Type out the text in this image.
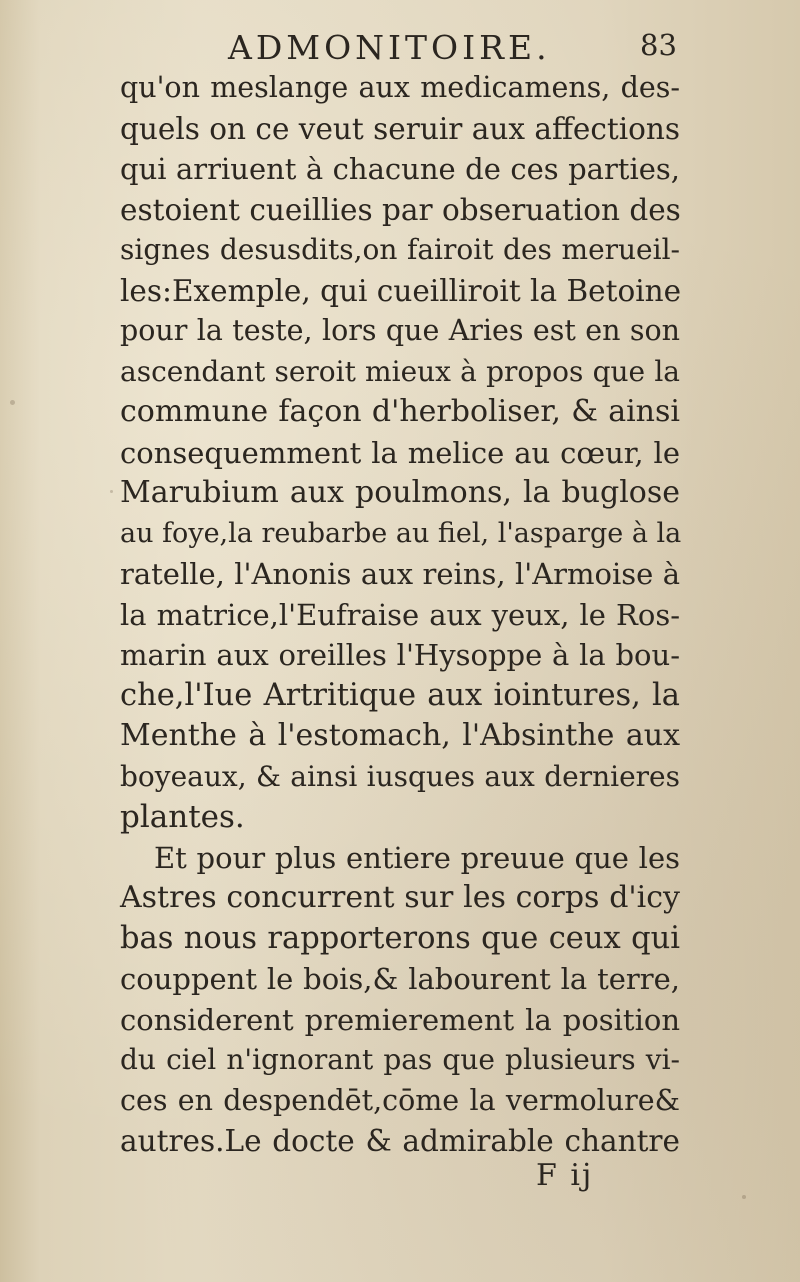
ADMONITOIRE.	83
qu'on meslange aux medicamens, des-
quels on ce veut seruir aux affections
qui arriuent à chacune de ces parties,
estoient cueillies par obseruation des
signes desusdits,on fairoit des merueil-
les:Exemple, qui cueilliroit la Betoine
pour la teste, lors que Aries est en son
ascendant seroit mieux à propos que la
commune façon d'herboliser, & ainsi
consequemment la melice au cœur, le
Marubium aux poulmons, la buglose
au foye,la reubarbe au fiel, l'asparge à la
ratelle, l'Anonis aux reins, l'Armoise à
la matrice,l'Eufraise aux yeux, le Ros-
marin aux oreilles l'Hysoppe à la bou-
che,l'Iue Artritique aux iointures, la
Menthe à l'estomach, l'Absinthe aux
boyeaux, & ainsi iusques aux dernieres
plantes.
Et pour plus entiere preuue que les
Astres concurrent sur les corps d'icy
bas nous rapporterons que ceux qui
couppent le bois,& labourent la terre,
considerent premierement la position
du ciel n'ignorant pas que plusieurs vi-
ces en despendēt,cōme la vermolure&
autres.Le docte & admirable chantre
F ij
